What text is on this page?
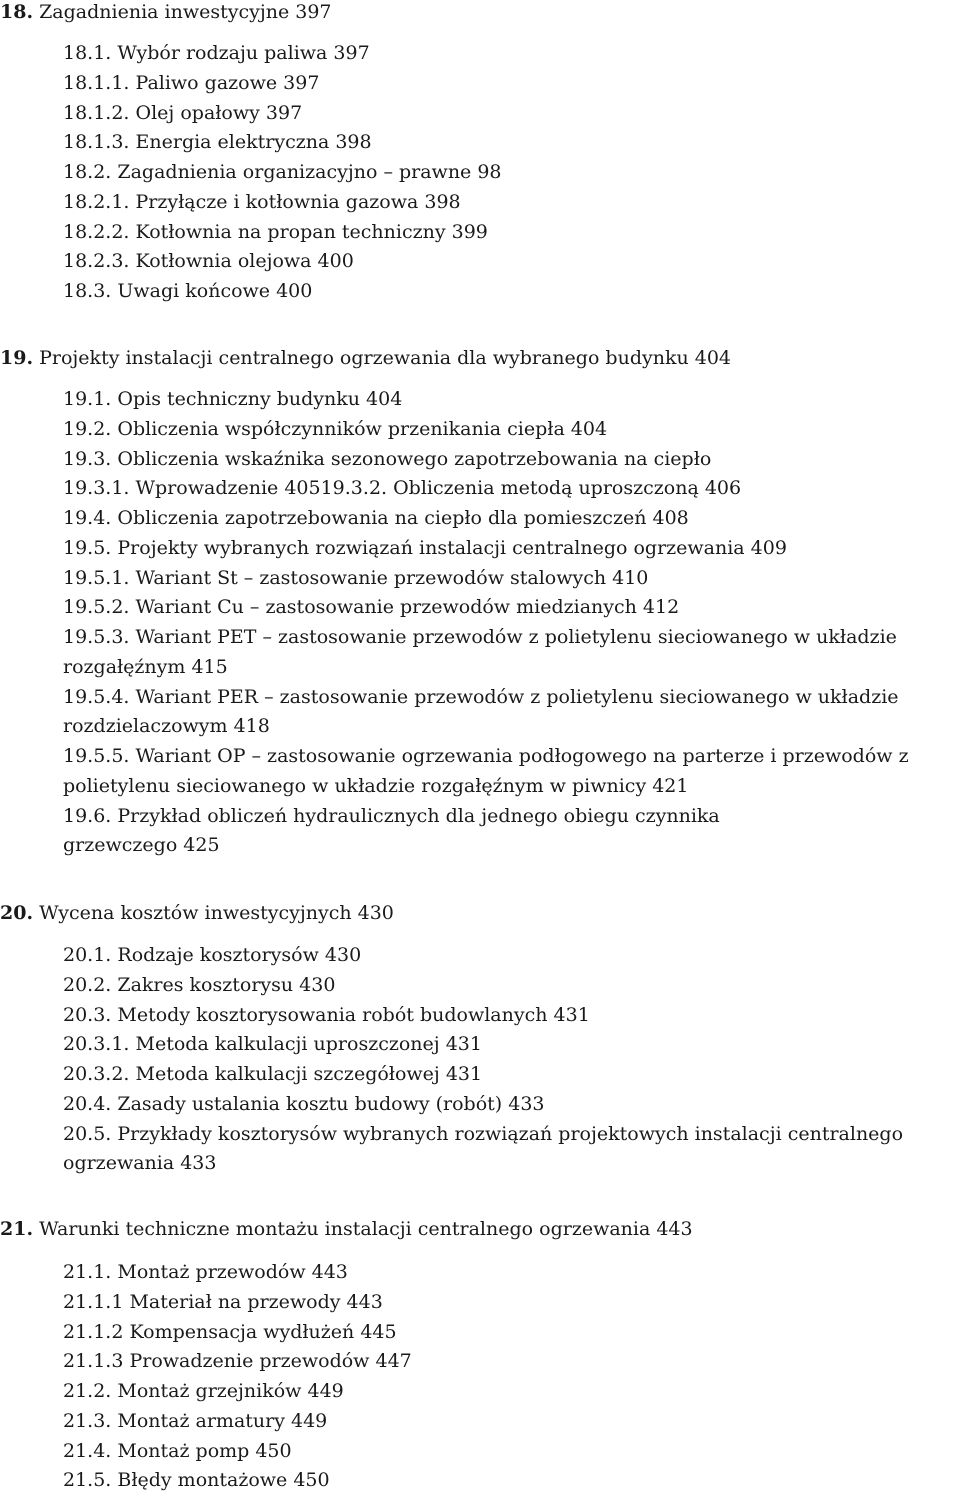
18. Zagadnienia inwestycyjne 397
18.1. Wybór rodzaju paliwa 397
18.1.1. Paliwo gazowe 397
18.1.2. Olej opałowy 397
18.1.3. Energia elektryczna 398
18.2. Zagadnienia organizacyjno – prawne 98
18.2.1. Przyłącze i kotłownia gazowa 398
18.2.2. Kotłownia na propan techniczny 399
18.2.3. Kotłownia olejowa 400
18.3. Uwagi końcowe 400
19. Projekty instalacji centralnego ogrzewania dla wybranego budynku 404
19.1. Opis techniczny budynku 404
19.2. Obliczenia współczynników przenikania ciepła 404
19.3. Obliczenia wskaźnika sezonowego zapotrzebowania na ciepło
19.3.1. Wprowadzenie 40519.3.2. Obliczenia metodą uproszczoną 406
19.4. Obliczenia zapotrzebowania na ciepło dla pomieszczeń 408
19.5. Projekty wybranych rozwiązań instalacji centralnego ogrzewania 409
19.5.1. Wariant St – zastosowanie przewodów stalowych 410
19.5.2. Wariant Cu – zastosowanie przewodów miedzianych 412
19.5.3. Wariant PET – zastosowanie przewodów z polietylenu sieciowanego w układzie
rozgałęźnym 415
19.5.4. Wariant PER – zastosowanie przewodów z polietylenu sieciowanego w układzie
rozdzielaczowym 418
19.5.5. Wariant OP – zastosowanie ogrzewania podłogowego na parterze i przewodów z
polietylenu sieciowanego w układzie rozgałęźnym w piwnicy 421
19.6. Przykład obliczeń hydraulicznych dla jednego obiegu czynnika
grzewczego 425
20. Wycena kosztów inwestycyjnych 430
20.1. Rodzaje kosztorysów 430
20.2. Zakres kosztorysu 430
20.3. Metody kosztorysowania robót budowlanych 431
20.3.1. Metoda kalkulacji uproszczonej 431
20.3.2. Metoda kalkulacji szczegółowej 431
20.4. Zasady ustalania kosztu budowy (robót) 433
20.5. Przykłady kosztorysów wybranych rozwiązań projektowych instalacji centralnego
ogrzewania 433
21. Warunki techniczne montażu instalacji centralnego ogrzewania 443
21.1. Montaż przewodów 443
21.1.1 Materiał na przewody 443
21.1.2 Kompensacja wydłużeń 445
21.1.3 Prowadzenie przewodów 447
21.2. Montaż grzejników 449
21.3. Montaż armatury 449
21.4. Montaż pomp 450
21.5. Błędy montażowe 450
